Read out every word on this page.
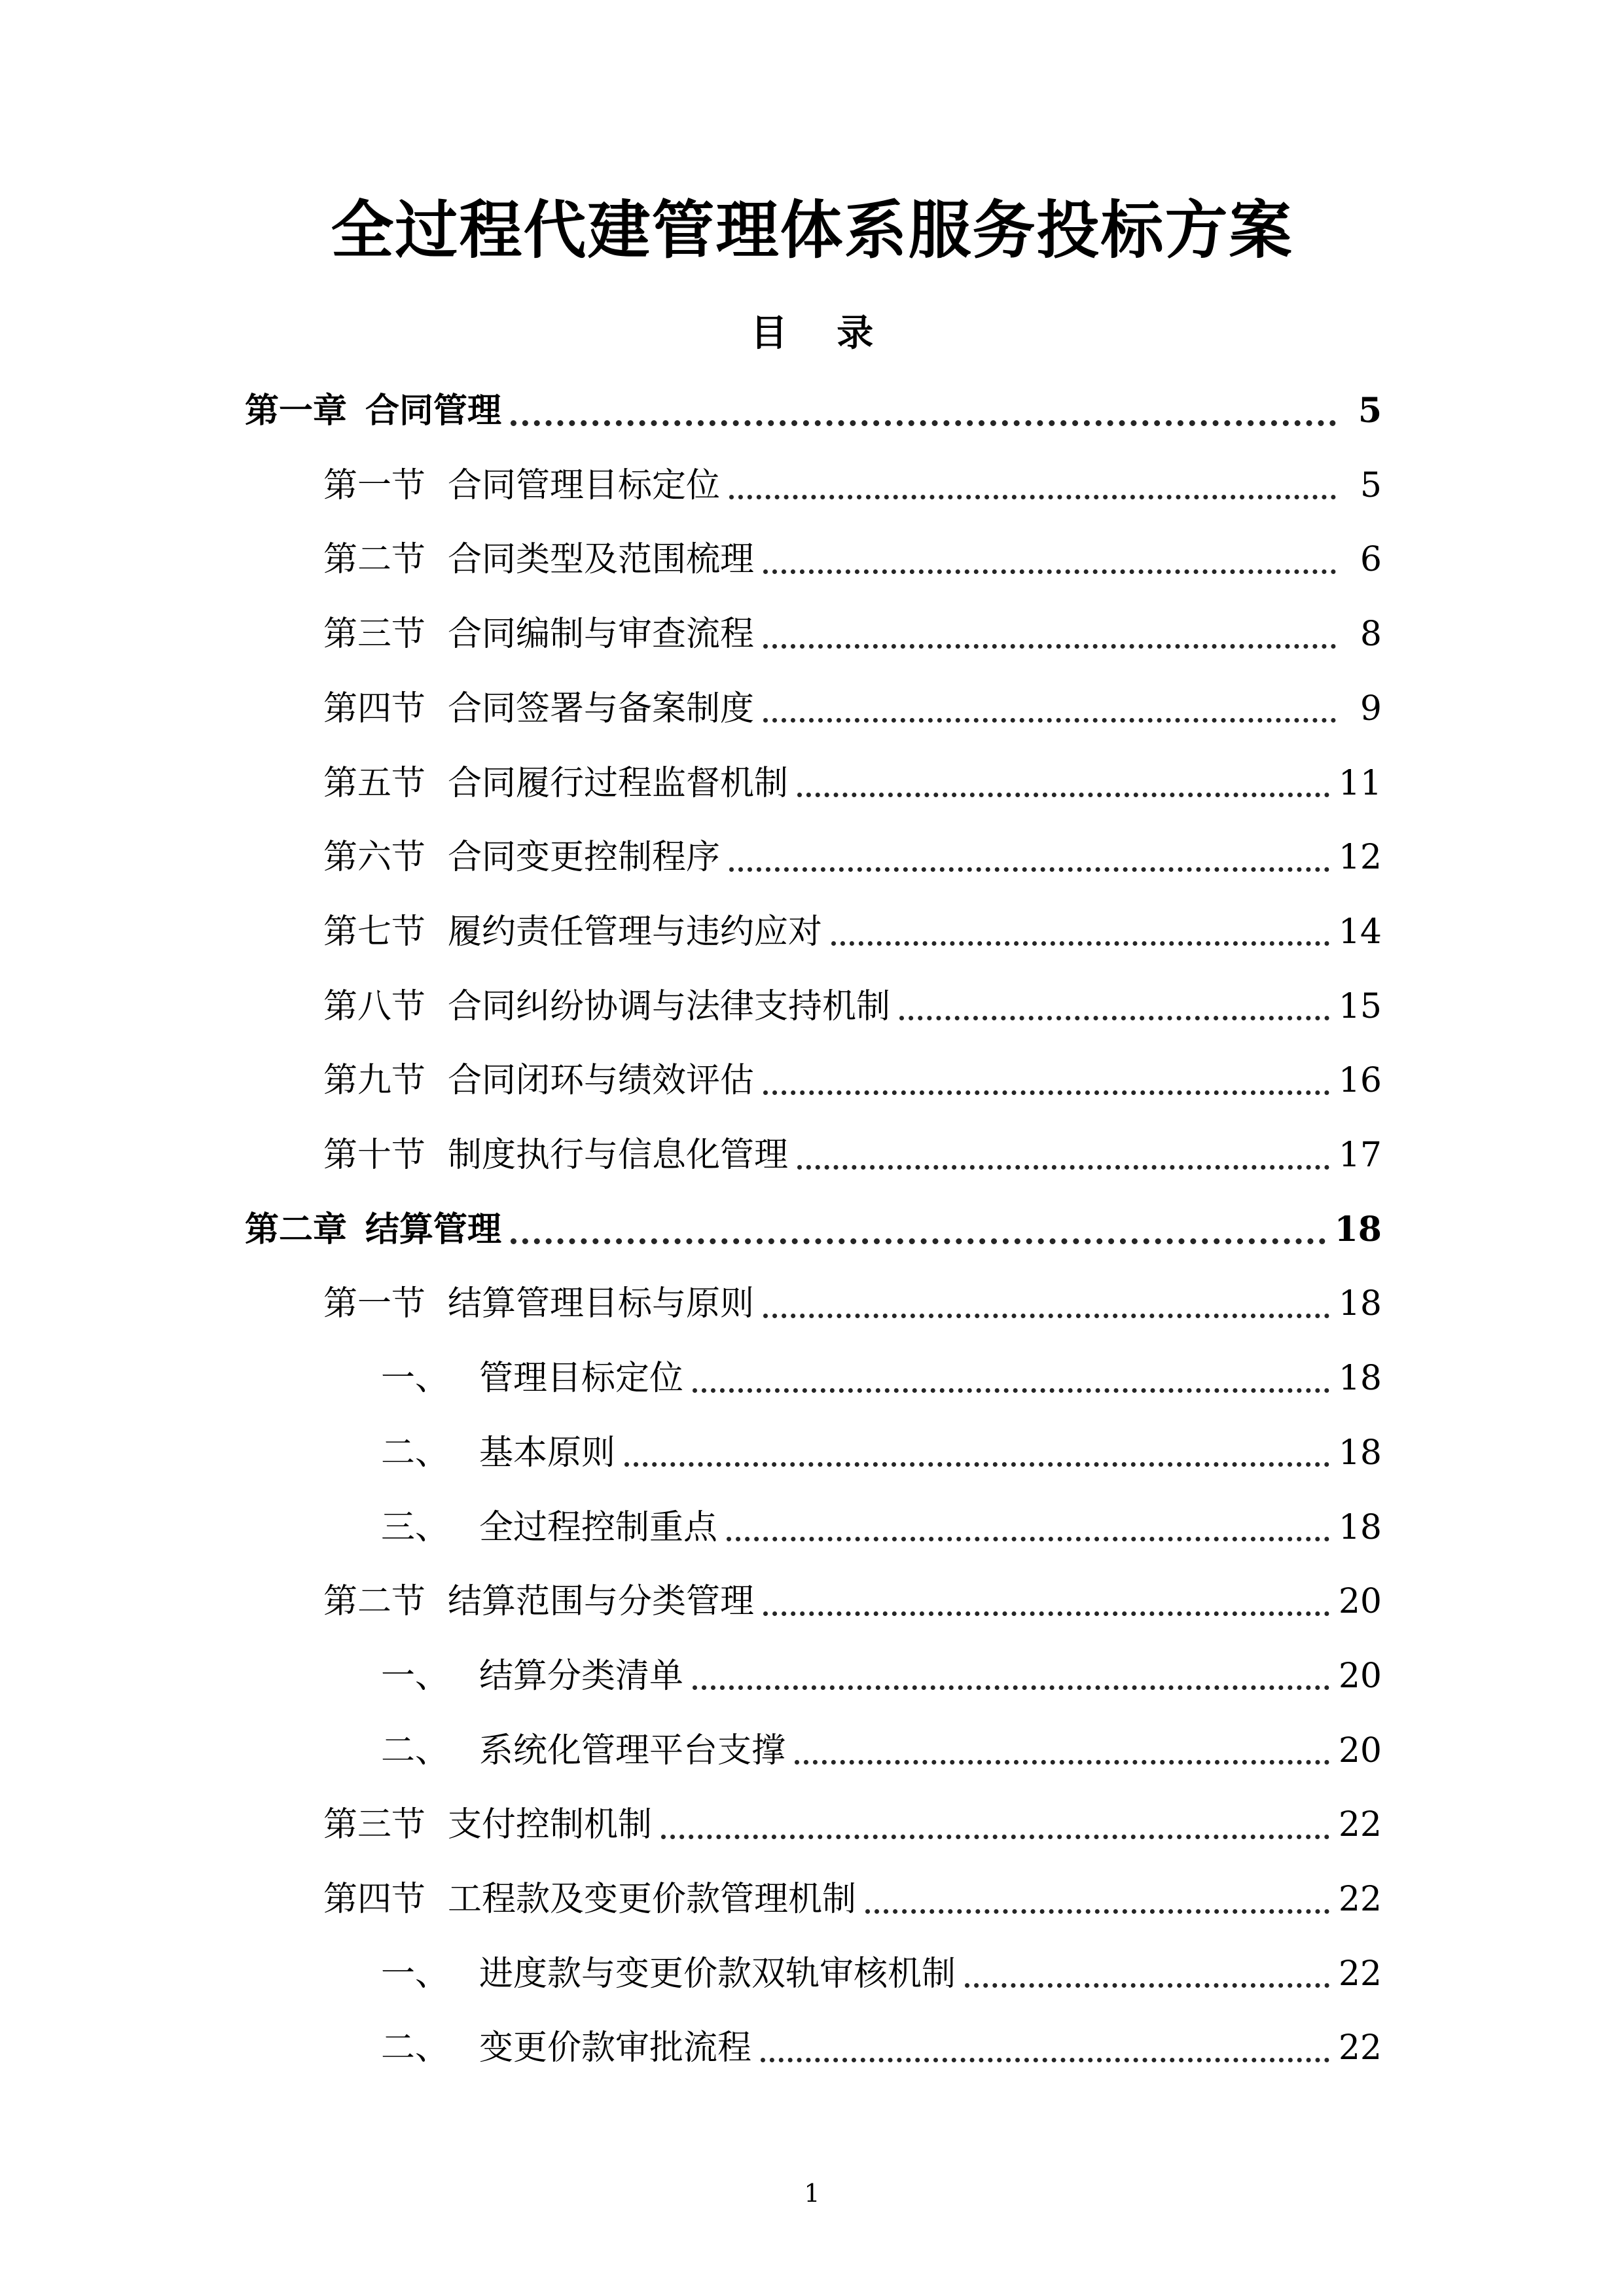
全过程代建管理体系服务投标方案
目 录
第一章 合同管理	5
第一节 合同管理目标定位	5
第二节 合同类型及范围梳理	6
第三节 合同编制与审查流程	8
第四节 合同签署与备案制度	9
第五节 合同履行过程监督机制	11
第六节 合同变更控制程序	12
第七节 履约责任管理与违约应对	14
第八节 合同纠纷协调与法律支持机制	15
第九节 合同闭环与绩效评估	16
第十节 制度执行与信息化管理	17
第二章 结算管理	18
第一节 结算管理目标与原则	18
一、 管理目标定位	18
二、 基本原则	18
三、 全过程控制重点	18
第二节 结算范围与分类管理	20
一、 结算分类清单	20
二、 系统化管理平台支撑	20
第三节 支付控制机制	22
第四节 工程款及变更价款管理机制	22
一、 进度款与变更价款双轨审核机制	22
二、 变更价款审批流程	22
1
